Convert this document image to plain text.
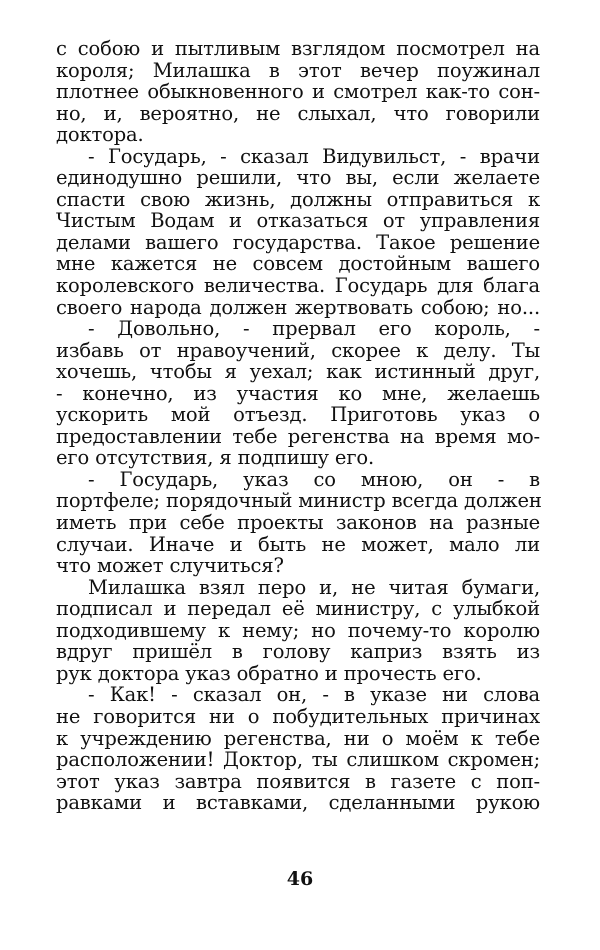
с собою и пытливым взглядом посмотрел на
короля; Милашка в этот вечер поужинал
плотнее обыкновенного и смотрел как-то сон-
но, и, вероятно, не слыхал, что говорили
доктора.
- Государь, - сказал Видувильст, - врачи
единодушно решили, что вы, если желаете
спасти свою жизнь, должны отправиться к
Чистым Водам и отказаться от управления
делами вашего государства. Такое решение
мне кажется не совсем достойным вашего
королевского величества. Государь для блага
своего народа должен жертвовать собою; но...
- Довольно, - прервал его король, -
избавь от нравоучений, скорее к делу. Ты
хочешь, чтобы я уехал; как истинный друг,
- конечно, из участия ко мне, желаешь
ускорить мой отъезд. Приготовь указ о
предоставлении тебе регенства на время мо-
его отсутствия, я подпишу его.
- Государь, указ со мною, он - в
портфеле; порядочный министр всегда должен
иметь при себе проекты законов на разные
случаи. Иначе и быть не может, мало ли
что может случиться?
Милашка взял перо и, не читая бумаги,
подписал и передал её министру, с улыбкой
подходившему к нему; но почему-то королю
вдруг пришёл в голову каприз взять из
рук доктора указ обратно и прочесть его.
- Как! - сказал он, - в указе ни слова
не говорится ни о побудительных причинах
к учреждению регенства, ни о моём к тебе
расположении! Доктор, ты слишком скромен;
этот указ завтра появится в газете с поп-
равками и вставками, сделанными рукою
46
